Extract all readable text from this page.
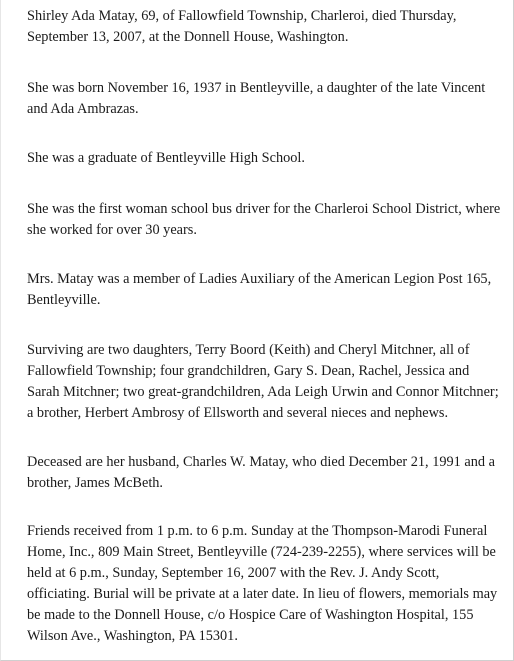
Shirley Ada Matay, 69, of Fallowfield Township, Charleroi, died Thursday,
September 13, 2007, at the Donnell House, Washington.

She was born November 16, 1937 in Bentleyville, a daughter of the late Vincent
and Ada Ambrazas.

She was a graduate of Bentleyville High School.

She was the first woman school bus driver for the Charleroi School District, where
she worked for over 30 years.

Mrs. Matay was a member of Ladies Auxiliary of the American Legion Post 165,
Bentleyville.

Surviving are two daughters, Terry Boord (Keith) and Cheryl Mitchner, all of
Fallowfield Township; four grandchildren, Gary S. Dean, Rachel, Jessica and
Sarah Mitchner; two great-grandchildren, Ada Leigh Urwin and Connor Mitchner;
a brother, Herbert Ambrosy of Ellsworth and several nieces and nephews.

Deceased are her husband, Charles W. Matay, who died December 21, 1991 and a
brother, James McBeth.

Friends received from 1 p.m. to 6 p.m. Sunday at the Thompson-Marodi Funeral
Home, Inc., 809 Main Street, Bentleyville (724-239-2255), where services will be
held at 6 p.m., Sunday, September 16, 2007 with the Rev. J. Andy Scott,
officiating. Burial will be private at a later date. In lieu of flowers, memorials may
be made to the Donnell House, c/o Hospice Care of Washington Hospital, 155
Wilson Ave., Washington, PA 15301.
